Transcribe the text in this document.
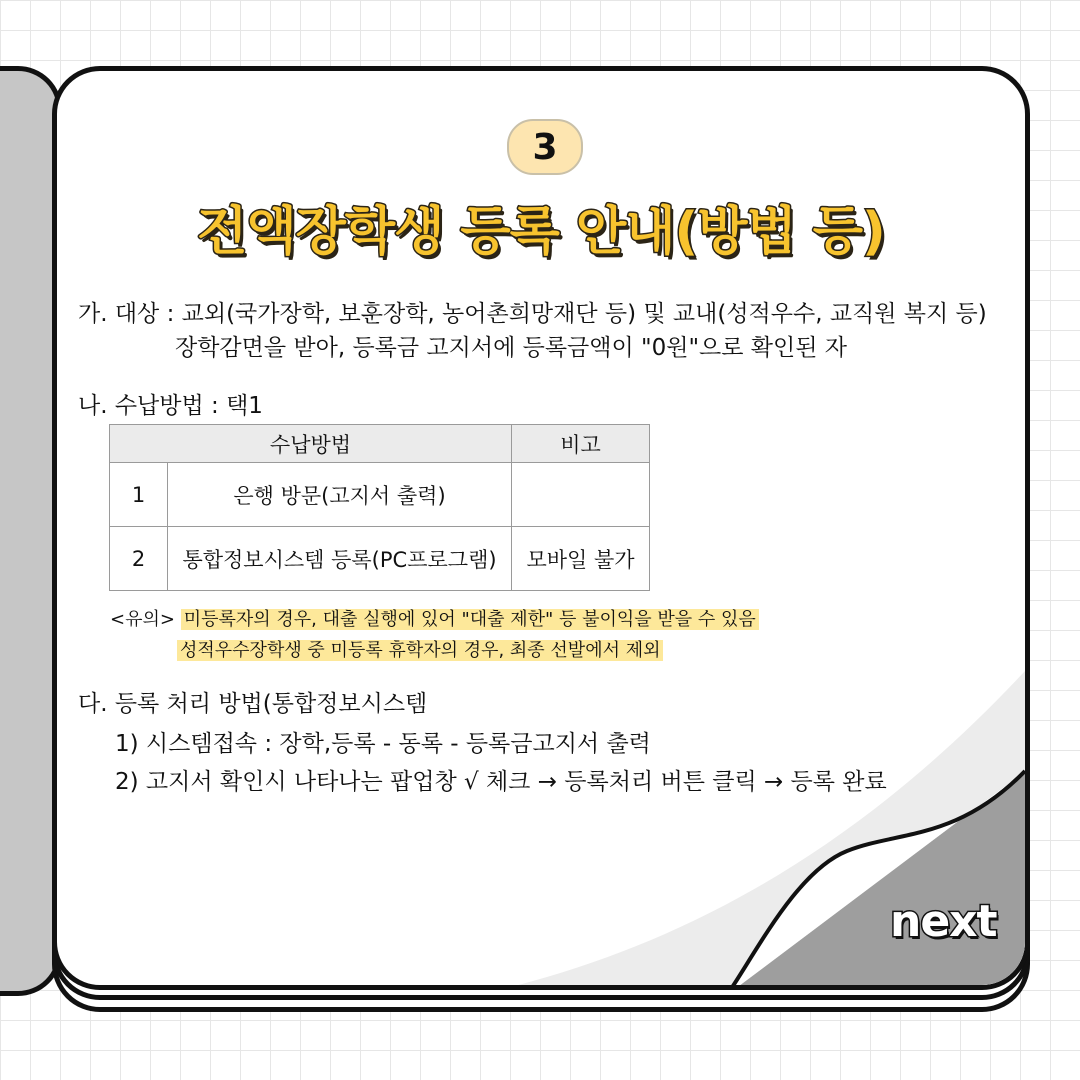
3
전액장학생 등록 안내(방법 등)
가. 대상 : 교외(국가장학, 보훈장학, 농어촌희망재단 등) 및 교내(성적우수, 교직원 복지 등)
장학감면을 받아, 등록금 고지서에 등록금액이 "0원"으로 확인된 자
나. 수납방법 : 택1
수납방법		비고
1	은행 방문(고지서 출력)	
2	통합정보시스템 등록(PC프로그램)	모바일 불가
<유의> 미등록자의 경우, 대출 실행에 있어 "대출 제한" 등 불이익을 받을 수 있음
성적우수장학생 중 미등록 휴학자의 경우, 최종 선발에서 제외
다. 등록 처리 방법(통합정보시스템
1) 시스템접속 : 장학,등록 - 동록 - 등록금고지서 출력
2) 고지서 확인시 나타나는 팝업창 √ 체크 → 등록처리 버튼 클릭 → 등록 완료
next
